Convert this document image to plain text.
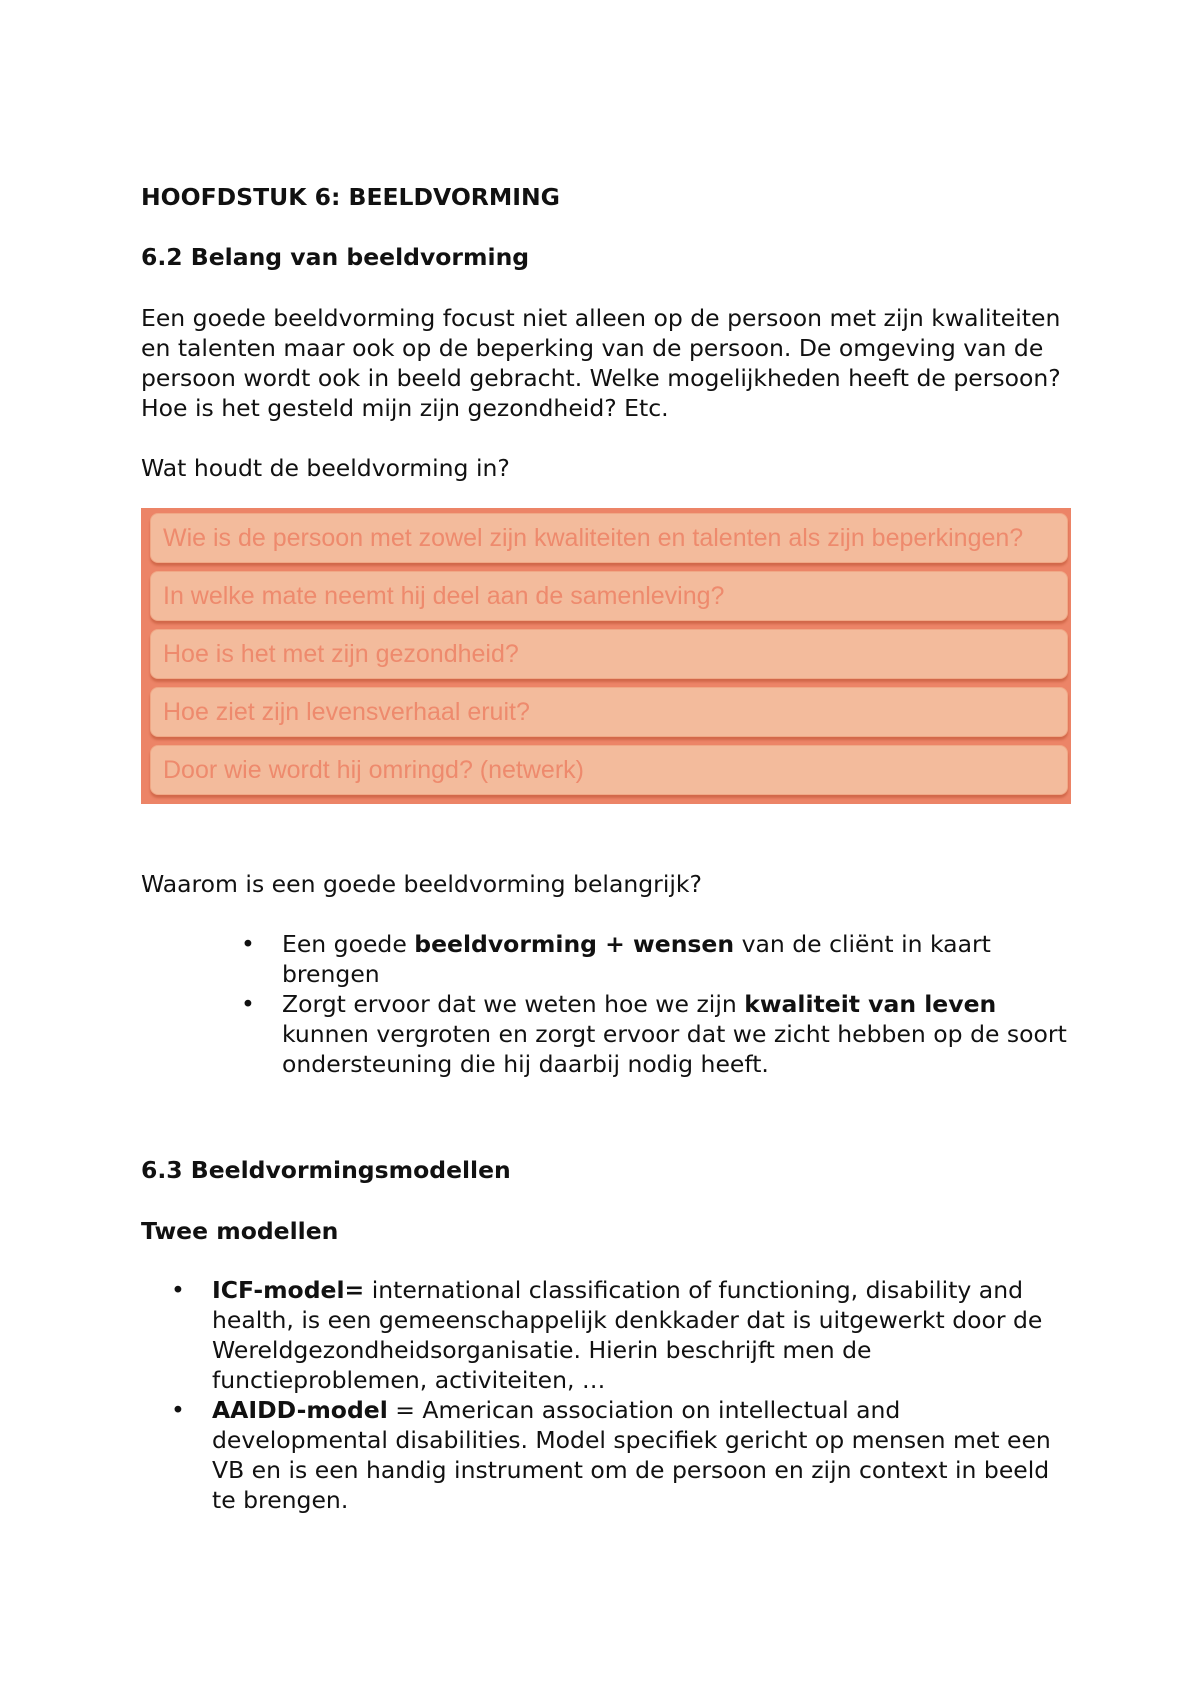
HOOFDSTUK 6: BEELDVORMING
6.2 Belang van beeldvorming

Een goede beeldvorming focust niet alleen op de persoon met zijn kwaliteiten en talenten maar ook op de beperking van de persoon. De omgeving van de persoon wordt ook in beeld gebracht. Welke mogelijkheden heeft de persoon? Hoe is het gesteld mijn zijn gezondheid? Etc.

Wat houdt de beeldvorming in?

Wie is de persoon met zowel zijn kwaliteiten en talenten als zijn beperkingen?
In welke mate neemt hij deel aan de samenleving?
Hoe is het met zijn gezondheid?
Hoe ziet zijn levensverhaal eruit?
Door wie wordt hij omringd? (netwerk)

Waarom is een goede beeldvorming belangrijk?

• Een goede beeldvorming + wensen van de cliënt in kaart brengen
• Zorgt ervoor dat we weten hoe we zijn kwaliteit van leven kunnen vergroten en zorgt ervoor dat we zicht hebben op de soort ondersteuning die hij daarbij nodig heeft.
6.3 Beeldvormingsmodellen
Twee modellen
• ICF-model= international classification of functioning, disability and health, is een gemeenschappelijk denkkader dat is uitgewerkt door de Wereldgezondheidsorganisatie. Hierin beschrijft men de functieproblemen, activiteiten, …
• AAIDD-model = American association on intellectual and developmental disabilities. Model specifiek gericht op mensen met een VB en is een handig instrument om de persoon en zijn context in beeld te brengen.
